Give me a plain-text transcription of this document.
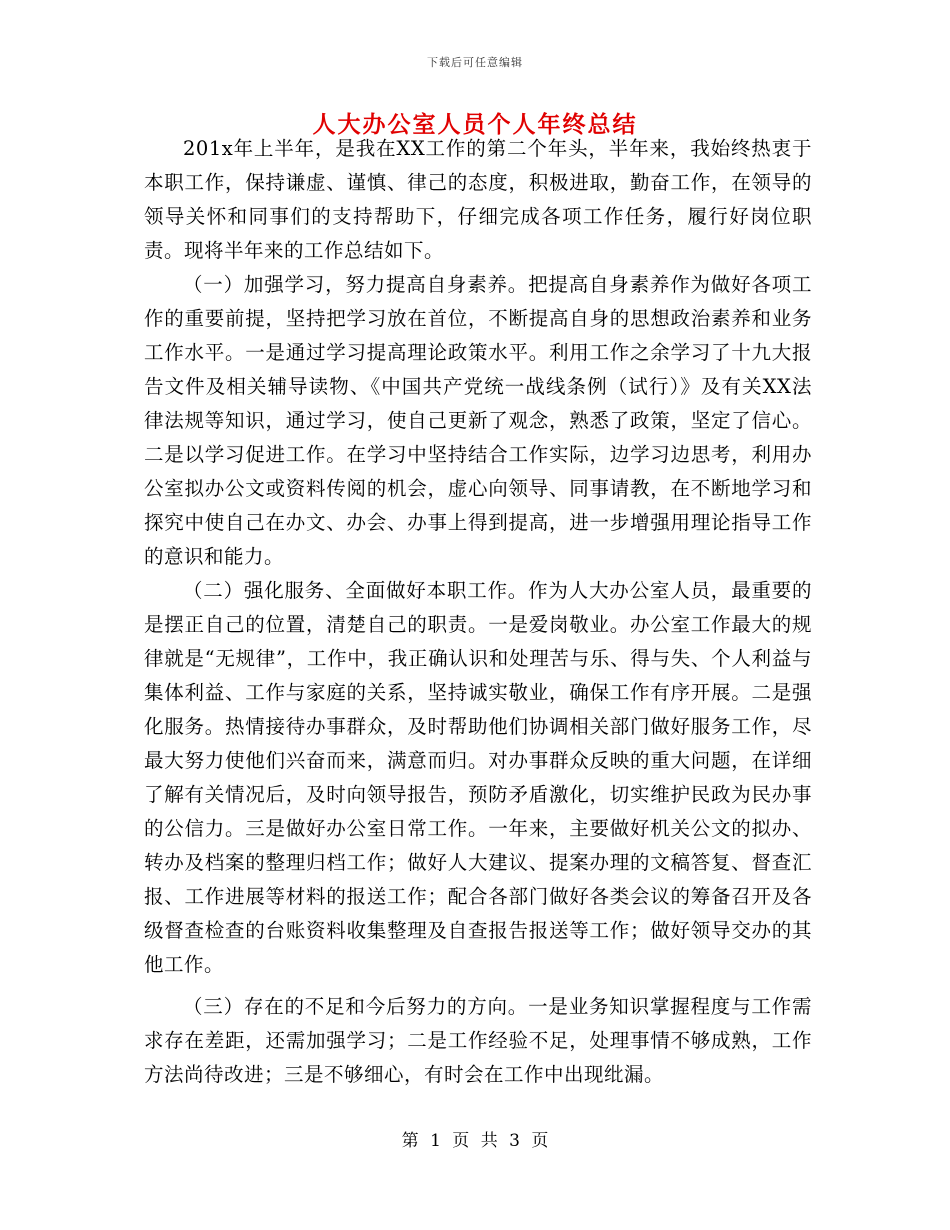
下载后可任意编辑
人大办公室人员个人年终总结

201x年上半年，是我在XX工作的第二个年头，半年来，我始终热衷于本职工作，保持谦虚、谨慎、律己的态度，积极进取，勤奋工作，在领导的领导关怀和同事们的支持帮助下，仔细完成各项工作任务，履行好岗位职责。现将半年来的工作总结如下。

（一）加强学习，努力提高自身素养。把提高自身素养作为做好各项工作的重要前提，坚持把学习放在首位，不断提高自身的思想政治素养和业务工作水平。一是通过学习提高理论政策水平。利用工作之余学习了十九大报告文件及相关辅导读物、《中国共产党统一战线条例（试行）》及有关XX法律法规等知识，通过学习，使自己更新了观念，熟悉了政策，坚定了信心。二是以学习促进工作。在学习中坚持结合工作实际，边学习边思考，利用办公室拟办公文或资料传阅的机会，虚心向领导、同事请教，在不断地学习和探究中使自己在办文、办会、办事上得到提高，进一步增强用理论指导工作的意识和能力。

（二）强化服务、全面做好本职工作。作为人大办公室人员，最重要的是摆正自己的位置，清楚自己的职责。一是爱岗敬业。办公室工作最大的规律就是“无规律”，工作中，我正确认识和处理苦与乐、得与失、个人利益与集体利益、工作与家庭的关系，坚持诚实敬业，确保工作有序开展。二是强化服务。热情接待办事群众，及时帮助他们协调相关部门做好服务工作，尽最大努力使他们兴奋而来，满意而归。对办事群众反映的重大问题，在详细了解有关情况后，及时向领导报告，预防矛盾激化，切实维护民政为民办事的公信力。三是做好办公室日常工作。一年来，主要做好机关公文的拟办、转办及档案的整理归档工作；做好人大建议、提案办理的文稿答复、督查汇报、工作进展等材料的报送工作；配合各部门做好各类会议的筹备召开及各级督查检查的台账资料收集整理及自查报告报送等工作；做好领导交办的其他工作。

（三）存在的不足和今后努力的方向。一是业务知识掌握程度与工作需求存在差距，还需加强学习；二是工作经验不足，处理事情不够成熟，工作方法尚待改进；三是不够细心，有时会在工作中出现纰漏。

第 1 页 共 3 页
